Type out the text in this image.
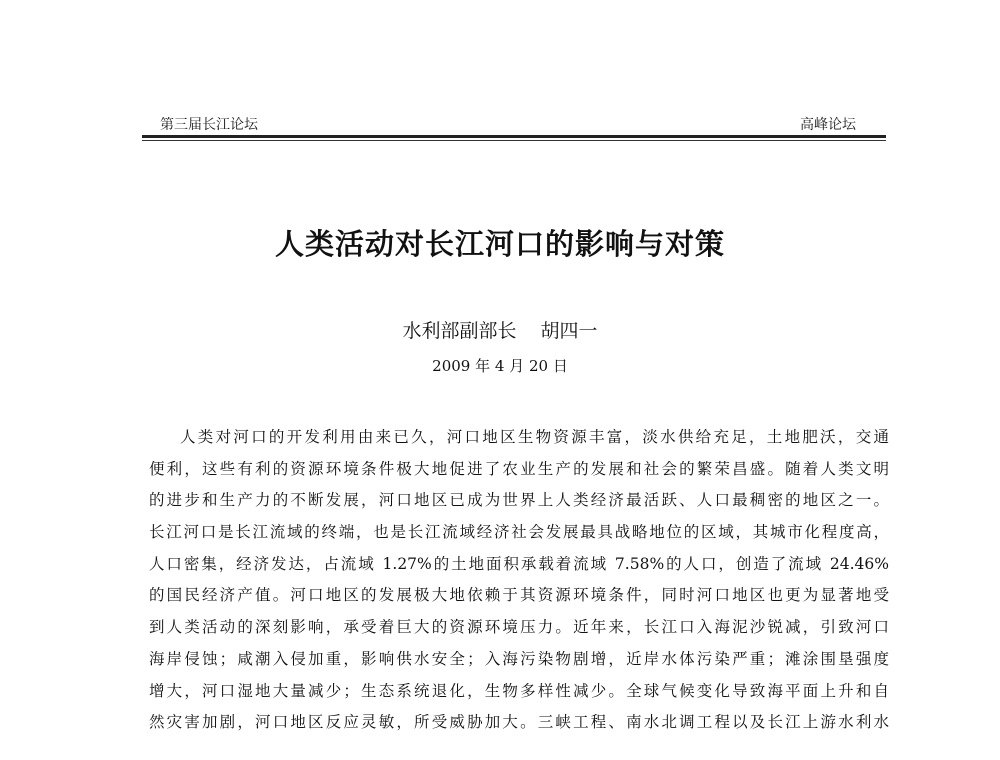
第三届长江论坛	高峰论坛
人类活动对长江河口的影响与对策
水利部副部长 胡四一
2009 年 4 月 20 日
人类对河口的开发利用由来已久，河口地区生物资源丰富，淡水供给充足，土地肥沃，交通
便利，这些有利的资源环境条件极大地促进了农业生产的发展和社会的繁荣昌盛。随着人类文明
的进步和生产力的不断发展，河口地区已成为世界上人类经济最活跃、人口最稠密的地区之一。
长江河口是长江流域的终端，也是长江流域经济社会发展最具战略地位的区域，其城市化程度高，
人口密集，经济发达，占流域 1.27%的土地面积承载着流域 7.58%的人口，创造了流域 24.46%
的国民经济产值。河口地区的发展极大地依赖于其资源环境条件，同时河口地区也更为显著地受
到人类活动的深刻影响，承受着巨大的资源环境压力。近年来，长江口入海泥沙锐减，引致河口
海岸侵蚀；咸潮入侵加重，影响供水安全；入海污染物剧增，近岸水体污染严重；滩涂围垦强度
增大，河口湿地大量减少；生态系统退化，生物多样性减少。全球气候变化导致海平面上升和自
然灾害加剧，河口地区反应灵敏，所受威胁加大。三峡工程、南水北调工程以及长江上游水利水
